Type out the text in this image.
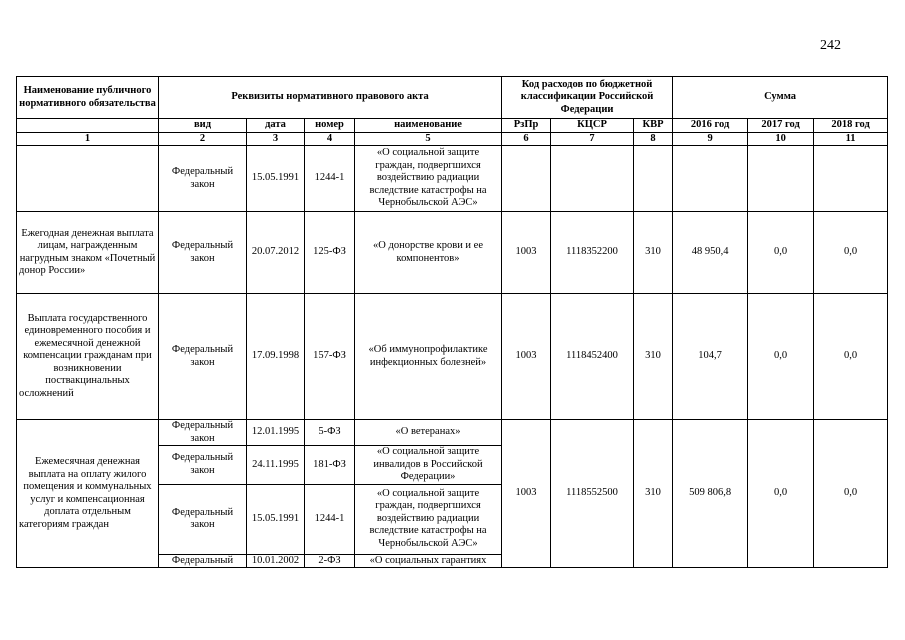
242
Наименование публичного нормативного обязательства	Реквизиты нормативного правового акта				Код расходов по бюджетной классификации Российской Федерации			Сумма		
	вид	дата	номер	наименование	РзПр	КЦСР	КВР	2016 год	2017 год	2018 год
1	2	3	4	5	6	7	8	9	10	11
	Федеральный закон	15.05.1991	1244-1	«О социальной защите граждан, подвергшихся воздействию радиации вследствие катастрофы на Чернобыльской АЭС»						
Ежегодная денежная выплата лицам, награжденным нагрудным знаком «Почетный донор России»	Федеральный закон	20.07.2012	125-ФЗ	«О донорстве крови и ее компонентов»	1003	1118352200	310	48 950,4	0,0	0,0
Выплата государственного единовременного пособия и ежемесячной денежной компенсации гражданам при возникновении поствакцинальных осложнений	Федеральный закон	17.09.1998	157-ФЗ	«Об иммунопрофилактике инфекционных болезней»	1003	1118452400	310	104,7	0,0	0,0
Ежемесячная денежная выплата на оплату жилого помещения и коммунальных услуг и компенсационная доплата отдельным категориям граждан	Федеральный закон	12.01.1995	5-ФЗ	«О ветеранах»	1003	1118552500	310	509 806,8	0,0	0,0
	Федеральный закон	24.11.1995	181-ФЗ	«О социальной защите инвалидов в Российской Федерации»						
	Федеральный закон	15.05.1991	1244-1	«О социальной защите граждан, подвергшихся воздействию радиации вследствие катастрофы на Чернобыльской АЭС»						
	Федеральный	10.01.2002	2-ФЗ	«О социальных гарантиях						
